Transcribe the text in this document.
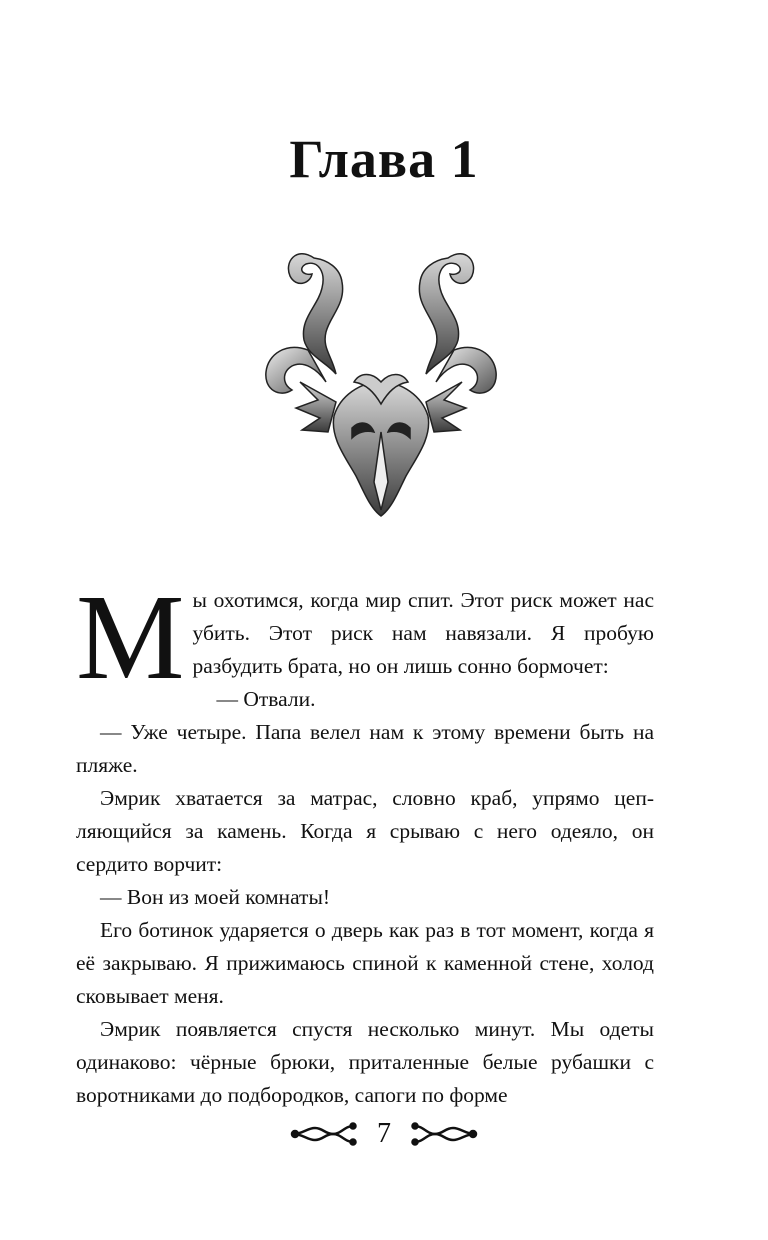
Глава 1

Мы охотимся, когда мир спит. Этот риск может нас убить. Этот риск нам навязали. Я пробую разбудить брата, но он лишь сонно бормочет:

— Отвали.

— Уже четыре. Папа велел нам к этому времени быть на пляже.

Эмрик хватается за матрас, словно краб, упрямо цепляющийся за камень. Когда я срываю с него одеяло, он сердито ворчит:

— Вон из моей комнаты!

Его ботинок ударяется о дверь как раз в тот момент, когда я её закрываю. Я прижимаюсь спиной к каменной стене, холод сковывает меня.

Эмрик появляется спустя несколько минут. Мы одеты одинаково: чёрные брюки, приталенные белые рубашки с воротниками до подбородков, сапоги по форме

7
